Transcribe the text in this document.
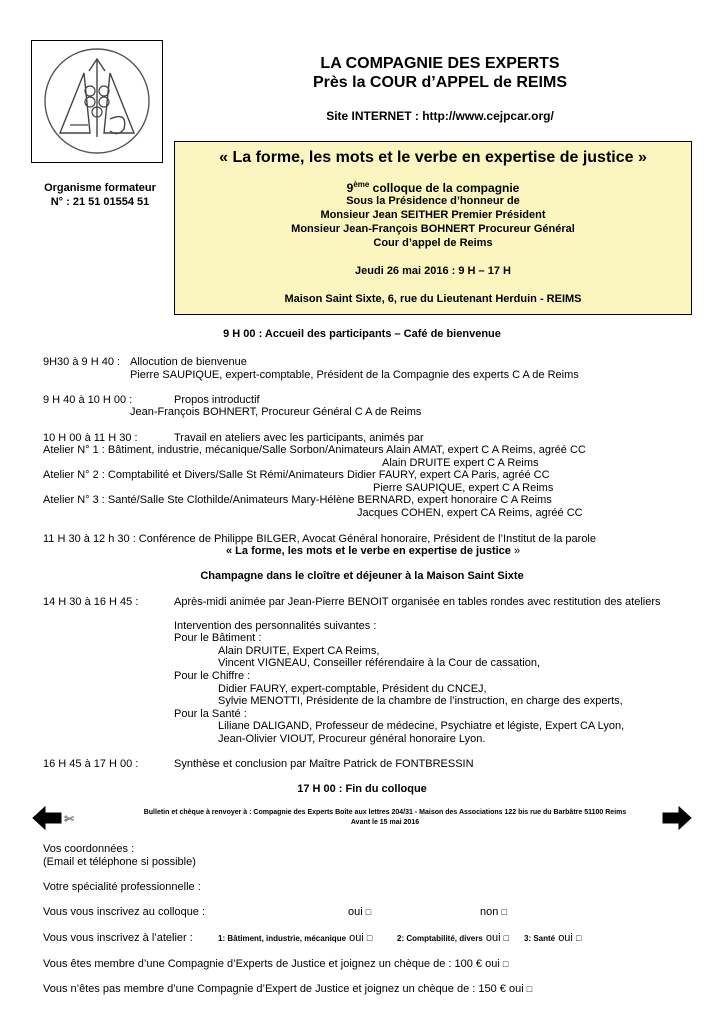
LA COMPAGNIE DES EXPERTS
Près la COUR d’APPEL de REIMS
Site INTERNET : http://www.cejpcar.org/
Organisme formateur
N° : 21 51 01554 51
« La forme, les mots et le verbe en expertise de justice »
9ème colloque de la compagnie
Sous la Présidence d’honneur de
Monsieur Jean SEITHER Premier Président
Monsieur Jean-François BOHNERT Procureur Général
Cour d’appel de Reims
Jeudi 26 mai 2016 : 9 H – 17 H
Maison Saint Sixte, 6, rue du Lieutenant Herduin - REIMS
9 H 00 : Accueil des participants – Café de bienvenue
9H30 à 9 H 40 : Allocution de bienvenue
Pierre SAUPIQUE, expert-comptable, Président de la Compagnie des experts C A de Reims
9 H 40 à 10 H 00 :	Propos introductif
Jean-François BOHNERT, Procureur Général C A de Reims
10 H 00 à 11 H 30 :	Travail en ateliers avec les participants, animés par
Atelier N° 1 : Bâtiment, industrie, mécanique/Salle Sorbon/Animateurs Alain AMAT, expert C A Reims, agréé CC
Alain DRUITE expert C A Reims
Atelier N° 2 : Comptabilité et Divers/Salle St Rémi/Animateurs Didier FAURY, expert CA Paris, agréé CC
Pierre SAUPIQUE, expert C A Reims
Atelier N° 3 : Santé/Salle Ste Clothilde/Animateurs Mary-Hélène BERNARD, expert honoraire C A Reims
Jacques COHEN, expert CA Reims, agréé CC
11 H 30 à 12 h 30 : Conférence de Philippe BILGER, Avocat Général honoraire, Président de l’Institut de la parole
« La forme, les mots et le verbe en expertise de justice »
Champagne dans le cloître et déjeuner à la Maison Saint Sixte
14 H 30 à 16 H 45 :	Après-midi animée par Jean-Pierre BENOIT organisée en tables rondes avec restitution des ateliers
Intervention des personnalités suivantes :
Pour le Bâtiment :
Alain DRUITE, Expert CA Reims,
Vincent VIGNEAU, Conseiller référendaire à la Cour de cassation,
Pour le Chiffre :
Didier FAURY, expert-comptable, Président du CNCEJ,
Sylvie MENOTTI, Présidente de la chambre de l’instruction, en charge des experts,
Pour la Santé :
Liliane DALIGAND, Professeur de médecine, Psychiatre et légiste, Expert CA Lyon,
Jean-Olivier VIOUT, Procureur général honoraire Lyon.
16 H 45 à 17 H 00 :	Synthèse et conclusion par Maître Patrick de FONTBRESSIN
17 H 00 : Fin du colloque
✄	Bulletin et chèque à renvoyer à : Compagnie des Experts Boîte aux lettres 204/31 - Maison des Associations 122 bis rue du Barbâtre 51100 Reims
Avant le 15 mai 2016
Vos coordonnées :
(Email et téléphone si possible)
Votre spécialité professionnelle :
Vous vous inscrivez au colloque :	oui □	non □
Vous vous inscrivez à l’atelier :	1: Bâtiment, industrie, mécanique oui □	2: Comptabilité, divers oui □ 3: Santé oui □
Vous êtes membre d’une Compagnie d’Experts de Justice et joignez un chèque de : 100 € oui □
Vous n’êtes pas membre d’une Compagnie d’Expert de Justice et joignez un chèque de : 150 € oui □
